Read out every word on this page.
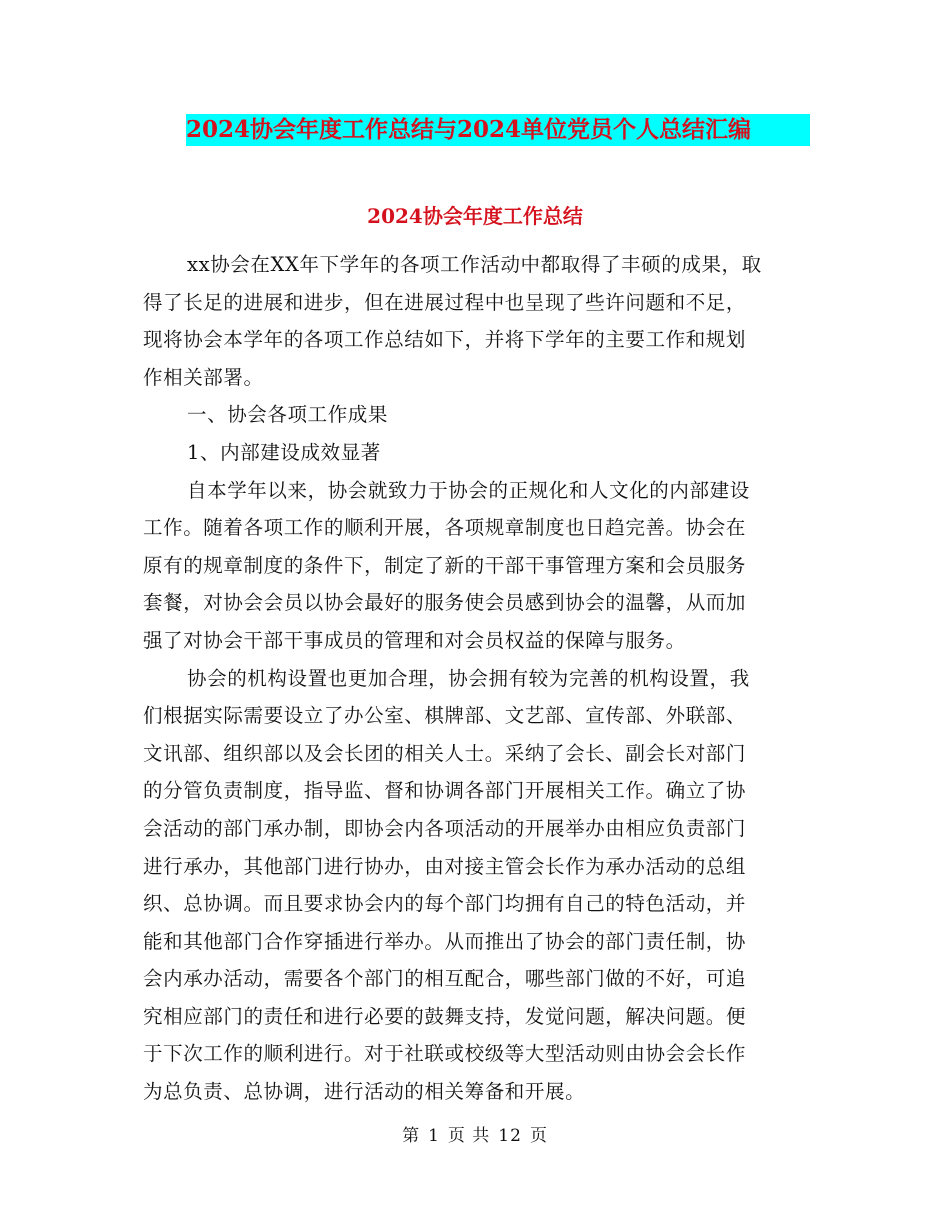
2024协会年度工作总结与2024单位党员个人总结汇编
2024协会年度工作总结
xx协会在XX年下学年的各项工作活动中都取得了丰硕的成果，取
得了长足的进展和进步，但在进展过程中也呈现了些许问题和不足，
现将协会本学年的各项工作总结如下，并将下学年的主要工作和规划
作相关部署。
一、协会各项工作成果
1、内部建设成效显著
自本学年以来，协会就致力于协会的正规化和人文化的内部建设
工作。随着各项工作的顺利开展，各项规章制度也日趋完善。协会在
原有的规章制度的条件下，制定了新的干部干事管理方案和会员服务
套餐，对协会会员以协会最好的服务使会员感到协会的温馨，从而加
强了对协会干部干事成员的管理和对会员权益的保障与服务。
协会的机构设置也更加合理，协会拥有较为完善的机构设置，我
们根据实际需要设立了办公室、棋牌部、文艺部、宣传部、外联部、
文讯部、组织部以及会长团的相关人士。采纳了会长、副会长对部门
的分管负责制度，指导监、督和协调各部门开展相关工作。确立了协
会活动的部门承办制，即协会内各项活动的开展举办由相应负责部门
进行承办，其他部门进行协办，由对接主管会长作为承办活动的总组
织、总协调。而且要求协会内的每个部门均拥有自己的特色活动，并
能和其他部门合作穿插进行举办。从而推出了协会的部门责任制，协
会内承办活动，需要各个部门的相互配合，哪些部门做的不好，可追
究相应部门的责任和进行必要的鼓舞支持，发觉问题，解决问题。便
于下次工作的顺利进行。对于社联或校级等大型活动则由协会会长作
为总负责、总协调，进行活动的相关筹备和开展。
第 1 页 共 12 页
